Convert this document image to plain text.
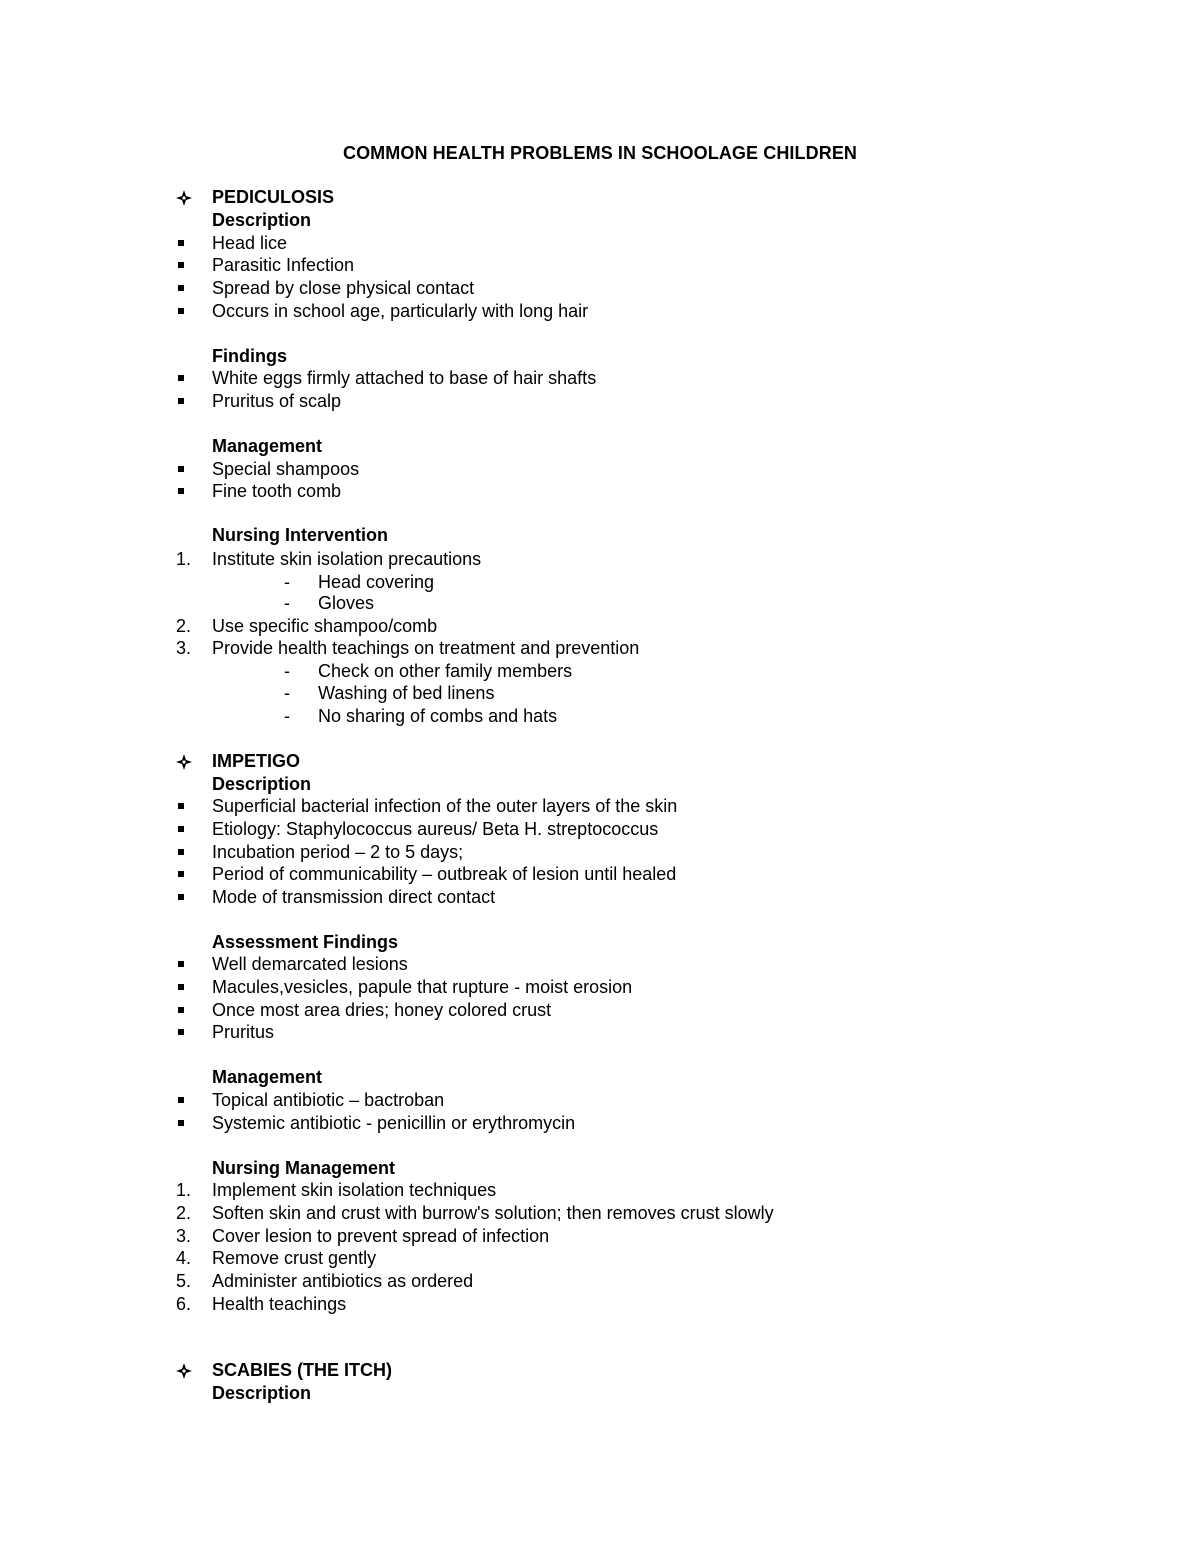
COMMON HEALTH PROBLEMS IN SCHOOLAGE CHILDREN
PEDICULOSIS
Description
Head lice
Parasitic Infection
Spread by close physical contact
Occurs in school age, particularly with long hair
Findings
White eggs firmly attached to base of hair shafts
Pruritus of scalp
Management
Special shampoos
Fine tooth comb
Nursing Intervention
1. Institute skin isolation precautions
- Head covering
- Gloves
2. Use specific shampoo/comb
3. Provide health teachings on treatment and prevention
- Check on other family members
- Washing of bed linens
- No sharing of combs and hats
IMPETIGO
Description
Superficial bacterial infection of the outer layers of the skin
Etiology: Staphylococcus aureus/ Beta H. streptococcus
Incubation period – 2 to 5 days;
Period of communicability – outbreak of lesion until healed
Mode of transmission direct contact
Assessment Findings
Well demarcated lesions
Macules,vesicles, papule that rupture - moist erosion
Once most area dries; honey colored crust
Pruritus
Management
Topical antibiotic – bactroban
Systemic antibiotic - penicillin or erythromycin
Nursing Management
1. Implement skin isolation techniques
2. Soften skin and crust with burrow's solution; then removes crust slowly
3. Cover lesion to prevent spread of infection
4. Remove crust gently
5. Administer antibiotics as ordered
6. Health teachings
SCABIES (THE ITCH)
Description
